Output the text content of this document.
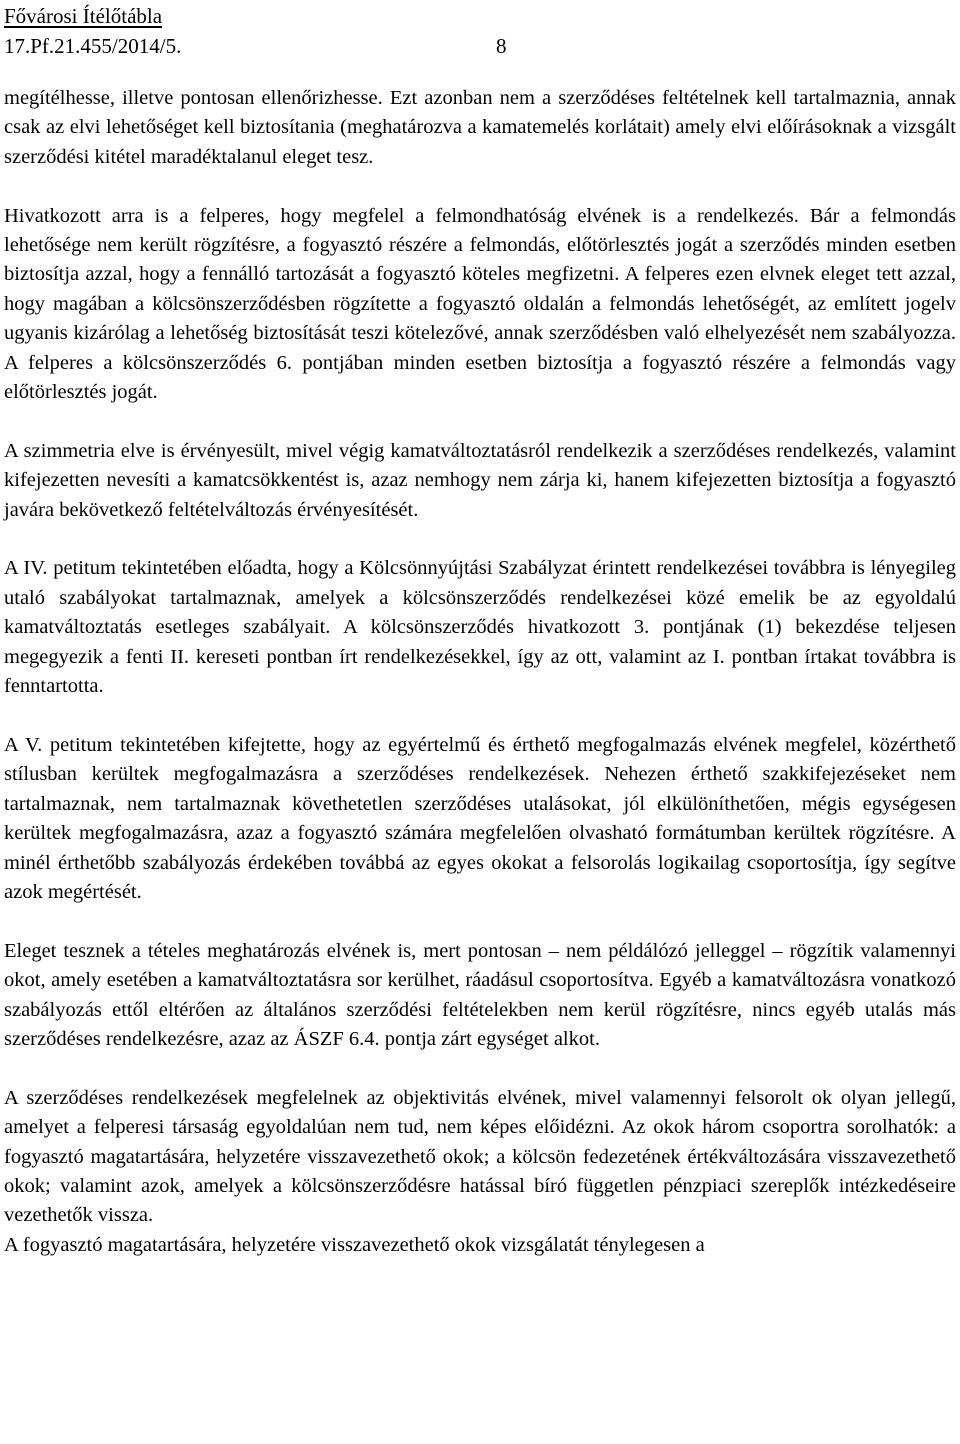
Fővárosi Ítélőtábla
17.Pf.21.455/2014/5.	8

megítélhesse, illetve pontosan ellenőrizhesse. Ezt azonban nem a szerződéses feltételnek kell tartalmaznia, annak csak az elvi lehetőséget kell biztosítania (meghatározva a kamatemelés korlátait) amely elvi előírásoknak a vizsgált szerződési kitétel maradéktalanul eleget tesz.

Hivatkozott arra is a felperes, hogy megfelel a felmondhatóság elvének is a rendelkezés. Bár a felmondás lehetősége nem került rögzítésre, a fogyasztó részére a felmondás, előtörlesztés jogát a szerződés minden esetben biztosítja azzal, hogy a fennálló tartozását a fogyasztó köteles megfizetni. A felperes ezen elvnek eleget tett azzal, hogy magában a kölcsönszerződésben rögzítette a fogyasztó oldalán a felmondás lehetőségét, az említett jogelv ugyanis kizárólag a lehetőség biztosítását teszi kötelezővé, annak szerződésben való elhelyezését nem szabályozza. A felperes a kölcsönszerződés 6. pontjában minden esetben biztosítja a fogyasztó részére a felmondás vagy előtörlesztés jogát.

A szimmetria elve is érvényesült, mivel végig kamatváltoztatásról rendelkezik a szerződéses rendelkezés, valamint kifejezetten nevesíti a kamatcsökkentést is, azaz nemhogy nem zárja ki, hanem kifejezetten biztosítja a fogyasztó javára bekövetkező feltételváltozás érvényesítését.

A IV. petitum tekintetében előadta, hogy a Kölcsönnyújtási Szabályzat érintett rendelkezései továbbra is lényegileg utaló szabályokat tartalmaznak, amelyek a kölcsönszerződés rendelkezései közé emelik be az egyoldalú kamatváltoztatás esetleges szabályait. A kölcsönszerződés hivatkozott 3. pontjának (1) bekezdése teljesen megegyezik a fenti II. kereseti pontban írt rendelkezésekkel, így az ott, valamint az I. pontban írtakat továbbra is fenntartotta.

A V. petitum tekintetében kifejtette, hogy az egyértelmű és érthető megfogalmazás elvének megfelel, közérthető stílusban kerültek megfogalmazásra a szerződéses rendelkezések. Nehezen érthető szakkifejezéseket nem tartalmaznak, nem tartalmaznak követhetetlen szerződéses utalásokat, jól elkülöníthetően, mégis egységesen kerültek megfogalmazásra, azaz a fogyasztó számára megfelelően olvasható formátumban kerültek rögzítésre. A minél érthetőbb szabályozás érdekében továbbá az egyes okokat a felsorolás logikailag csoportosítja, így segítve azok megértését.

Eleget tesznek a tételes meghatározás elvének is, mert pontosan – nem példálózó jelleggel – rögzítik valamennyi okot, amely esetében a kamatváltoztatásra sor kerülhet, ráadásul csoportosítva. Egyéb a kamatváltozásra vonatkozó szabályozás ettől eltérően az általános szerződési feltételekben nem kerül rögzítésre, nincs egyéb utalás más szerződéses rendelkezésre, azaz az ÁSZF 6.4. pontja zárt egységet alkot.

A szerződéses rendelkezések megfelelnek az objektivitás elvének, mivel valamennyi felsorolt ok olyan jellegű, amelyet a felperesi társaság egyoldalúan nem tud, nem képes előidézni. Az okok három csoportra sorolhatók: a fogyasztó magatartására, helyzetére visszavezethető okok; a kölcsön fedezetének értékváltozására visszavezethető okok; valamint azok, amelyek a kölcsönszerződésre hatással bíró független pénzpiaci szereplők intézkedéseire vezethetők vissza.

A fogyasztó magatartására, helyzetére visszavezethető okok vizsgálatát ténylegesen a
